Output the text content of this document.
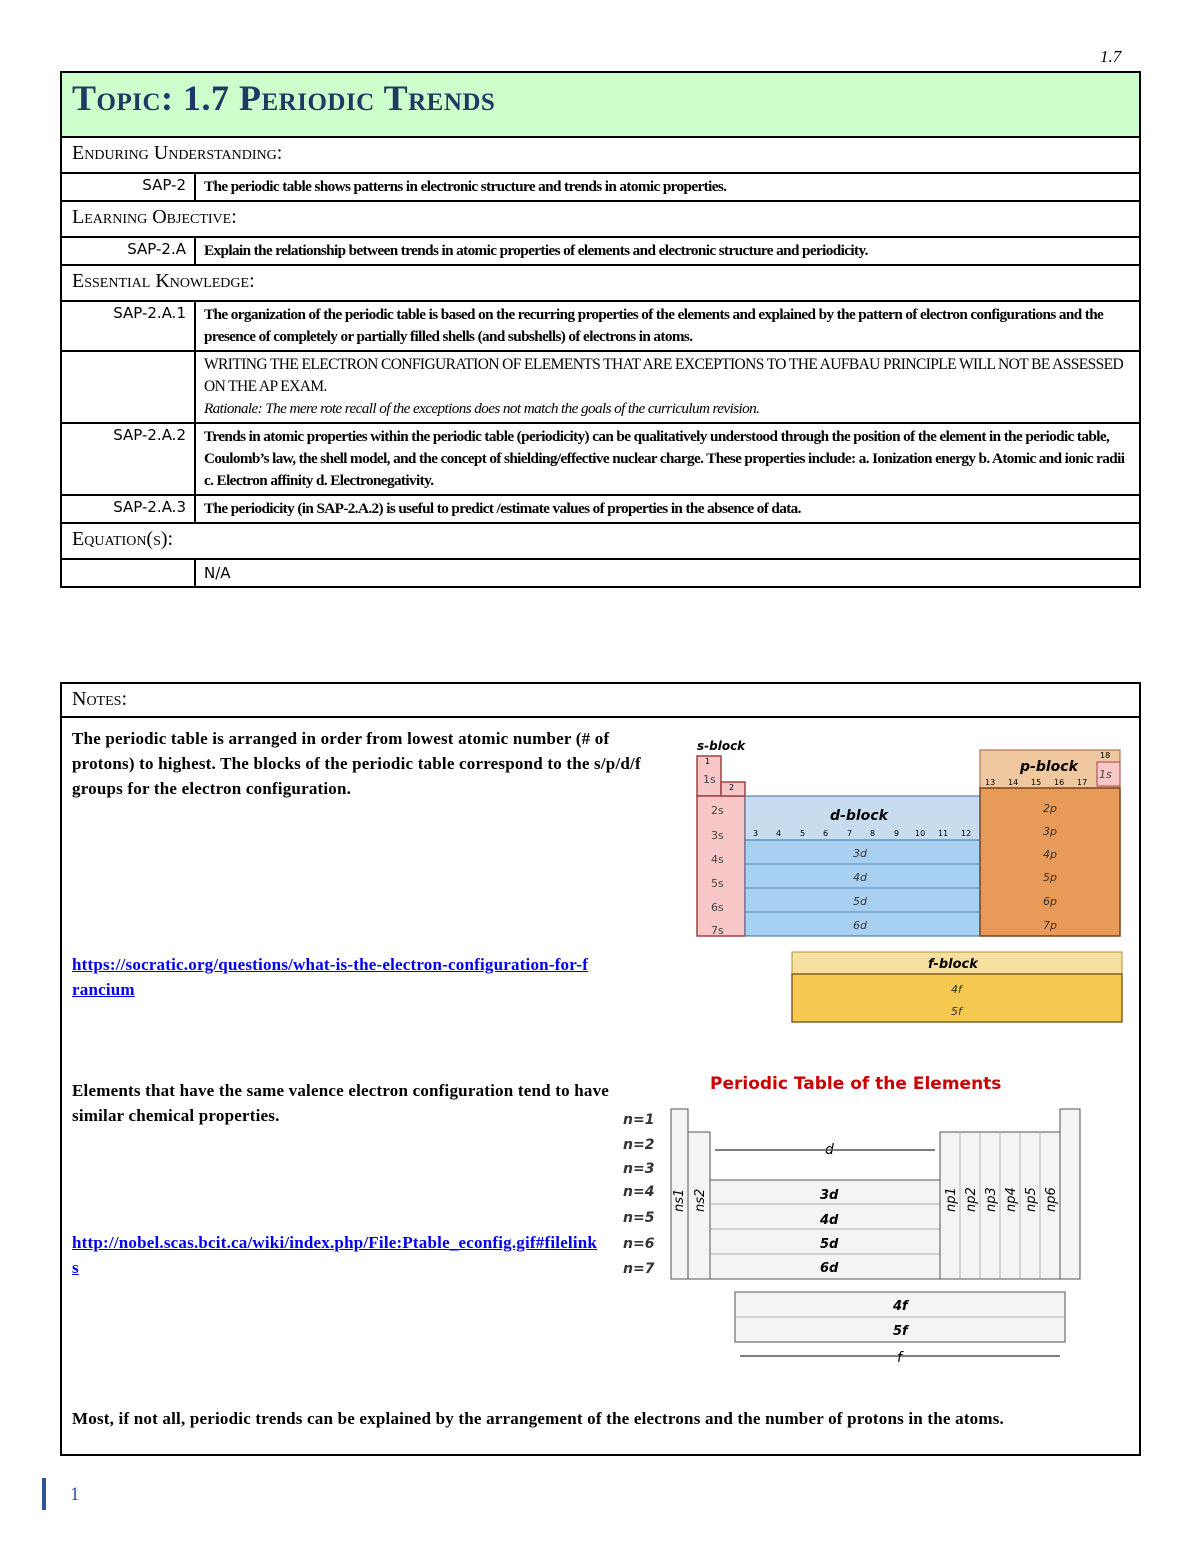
1.7
Topic: 1.7 Periodic Trends	
Enduring Understanding:	
SAP-2	The periodic table shows patterns in electronic structure and trends in atomic properties.
Learning Objective:	
SAP-2.A	Explain the relationship between trends in atomic properties of elements and electronic structure and periodicity.
Essential Knowledge:	
SAP-2.A.1	The organization of the periodic table is based on the recurring properties of the elements and explained by the pattern of electron configurations and the presence of completely or partially filled shells (and subshells) of electrons in atoms.

	WRITING THE ELECTRON CONFIGURATION OF ELEMENTS THAT ARE EXCEPTIONS TO THE AUFBAU PRINCIPLE WILL NOT BE ASSESSED ON THE AP EXAM.
Rationale: The mere rote recall of the exceptions does not match the goals of the curriculum revision.

SAP-2.A.2	Trends in atomic properties within the periodic table (periodicity) can be qualitatively understood through the position of the element in the periodic table, Coulomb’s law, the shell model, and the concept of shielding/effective nuclear charge. These properties include: a. Ionization energy b. Atomic and ionic radii c. Electron affinity d. Electronegativity.
SAP-2.A.3	The periodicity (in SAP-2.A.2) is useful to predict /estimate values of properties in the absence of data.
Equation(s):	
	N/A
Notes:
The periodic table is arranged in order from lowest atomic number (# of protons) to highest. The blocks of the periodic table correspond to the s/p/d/f groups for the electron configuration.
https://socratic.org/questions/what-is-the-electron-configuration-for-francium
Elements that have the same valence electron configuration tend to have similar chemical properties.
http://nobel.scas.bcit.ca/wiki/index.php/File:Ptable_econfig.gif#filelinks
Most, if not all, periodic trends can be explained by the arrangement of the electrons and the number of protons in the atoms.
s-block
1
2
1s
2s
3s
4s
5s
6s
7s
d-block
3 4 5 6 7 8 9 10 11 12
3d
4d
5d
6d
1s
p-block
13 14 15 16 17
18
2p
3p
4p
5p
6p
7p
f-block
4f
5f
Periodic Table of the Elements
n=1
n=2
n=3
n=4
n=5
n=6
n=7
ns1 ns2
d
3d
4d
5d
6d
np1 np2 np3 np4 np5 np6
4f
5f
f
1
